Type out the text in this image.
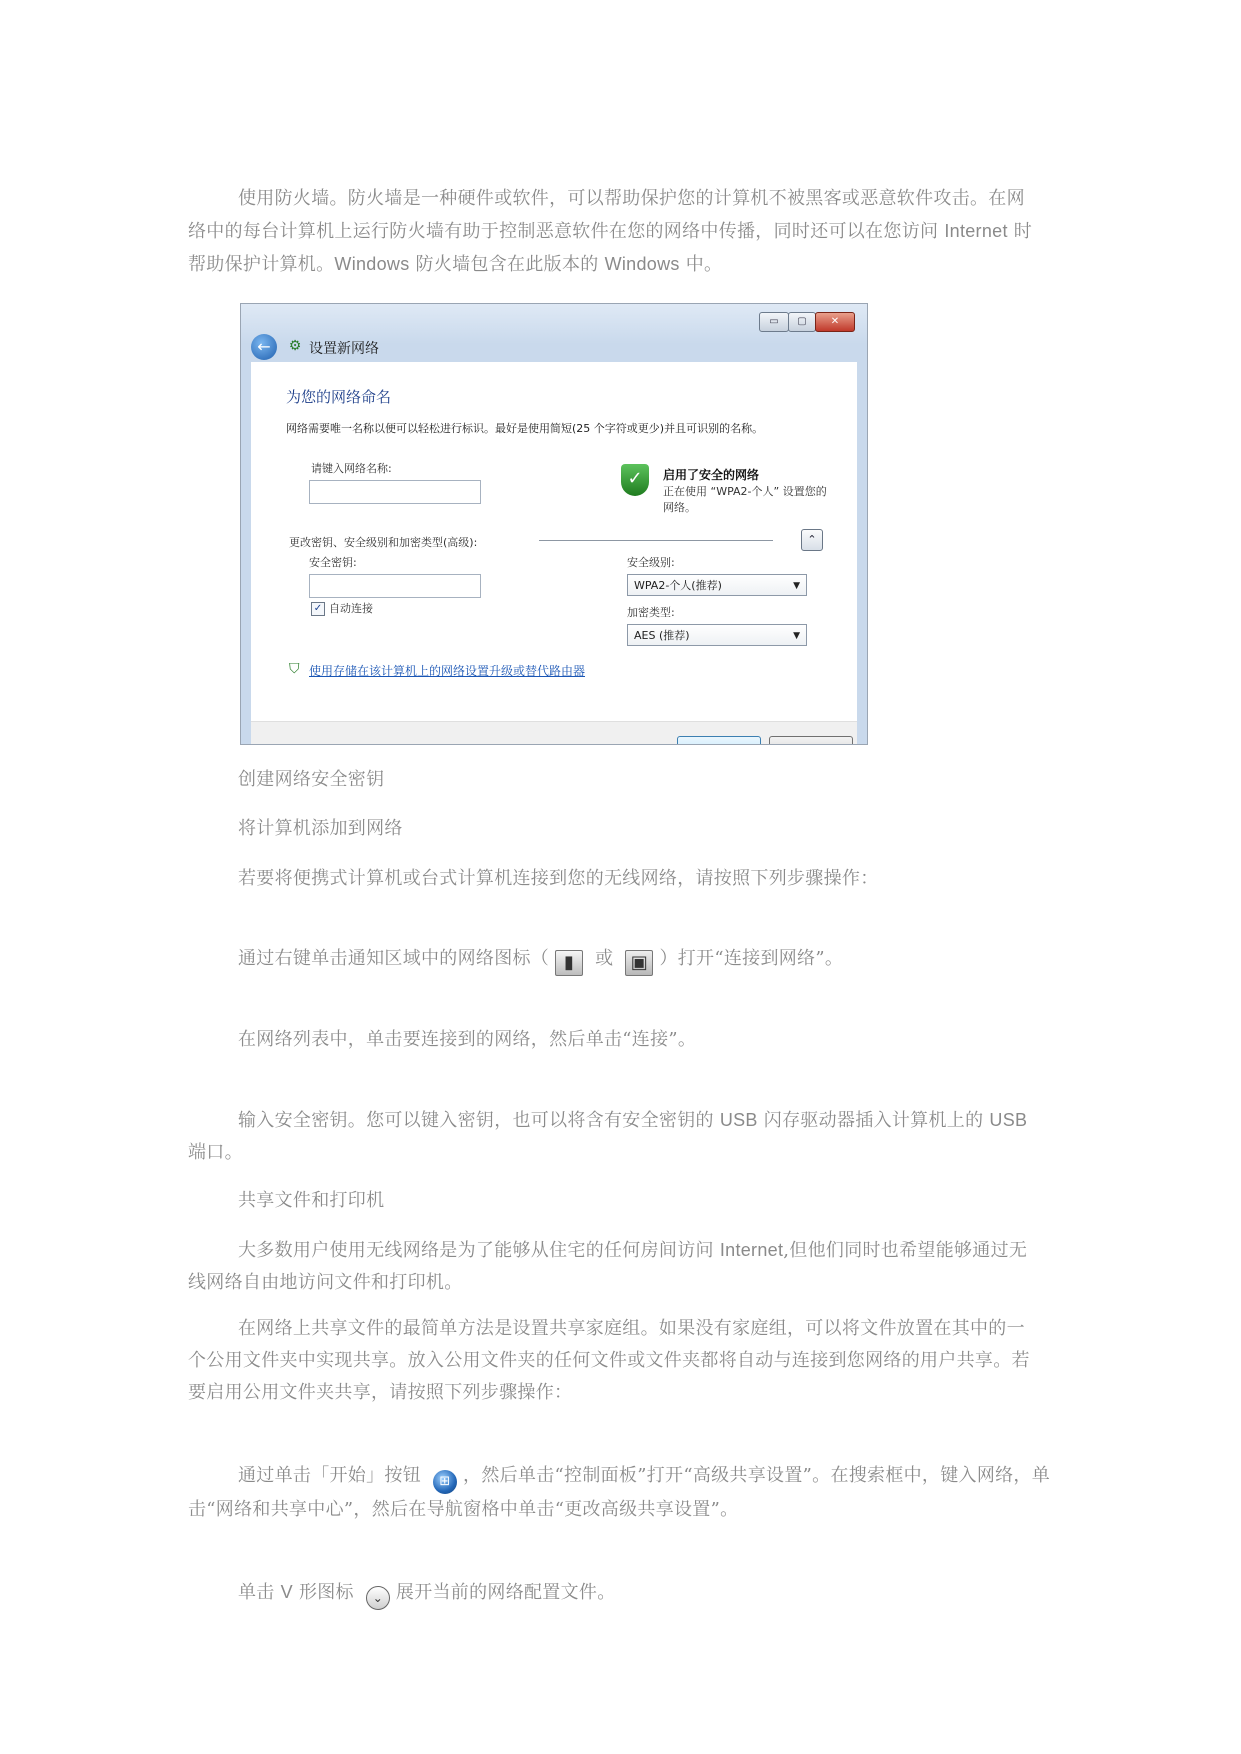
使用防火墙。防火墙是一种硬件或软件，可以帮助保护您的计算机不被黑客或恶意软件攻击。在网
络中的每台计算机上运行防火墙有助于控制恶意软件在您的网络中传播，同时还可以在您访问 Internet 时
帮助保护计算机。Windows 防火墙包含在此版本的 Windows 中。
▭	▢	✕
←	⚙ 设置新网络
为您的网络命名
网络需要唯一名称以便可以轻松进行标识。最好是使用简短(25 个字符或更少)并且可识别的名称。
请键入网络名称:	✓	启用了安全的网络
正在使用 “WPA2-个人” 设置您的网络。
更改密钥、安全级别和加密类型(高级):	⌃
安全密钥:	安全级别:
WPA2-个人(推荐)	▼
✓ 自动连接	加密类型:
AES (推荐)	▼
⛉ 使用存储在该计算机上的网络设置升级或替代路由器
创建网络安全密钥
将计算机添加到网络
若要将便携式计算机或台式计算机连接到您的无线网络，请按照下列步骤操作：
通过右键单击通知区域中的网络图标（ ▮ 或 ▣ ）打开“连接到网络”。
在网络列表中，单击要连接到的网络，然后单击“连接”。
输入安全密钥。您可以键入密钥，也可以将含有安全密钥的 USB 闪存驱动器插入计算机上的 USB
端口。
共享文件和打印机
大多数用户使用无线网络是为了能够从住宅的任何房间访问 Internet,但他们同时也希望能够通过无
线网络自由地访问文件和打印机。
在网络上共享文件的最简单方法是设置共享家庭组。如果没有家庭组，可以将文件放置在其中的一
个公用文件夹中实现共享。放入公用文件夹的任何文件或文件夹都将自动与连接到您网络的用户共享。若
要启用公用文件夹共享，请按照下列步骤操作：
通过单击「开始」按钮 ⊞ ，然后单击“控制面板”打开“高级共享设置”。在搜索框中，键入网络，单
击“网络和共享中心”，然后在导航窗格中单击“更改高级共享设置”。
单击 V 形图标 ⌄ 展开当前的网络配置文件。
